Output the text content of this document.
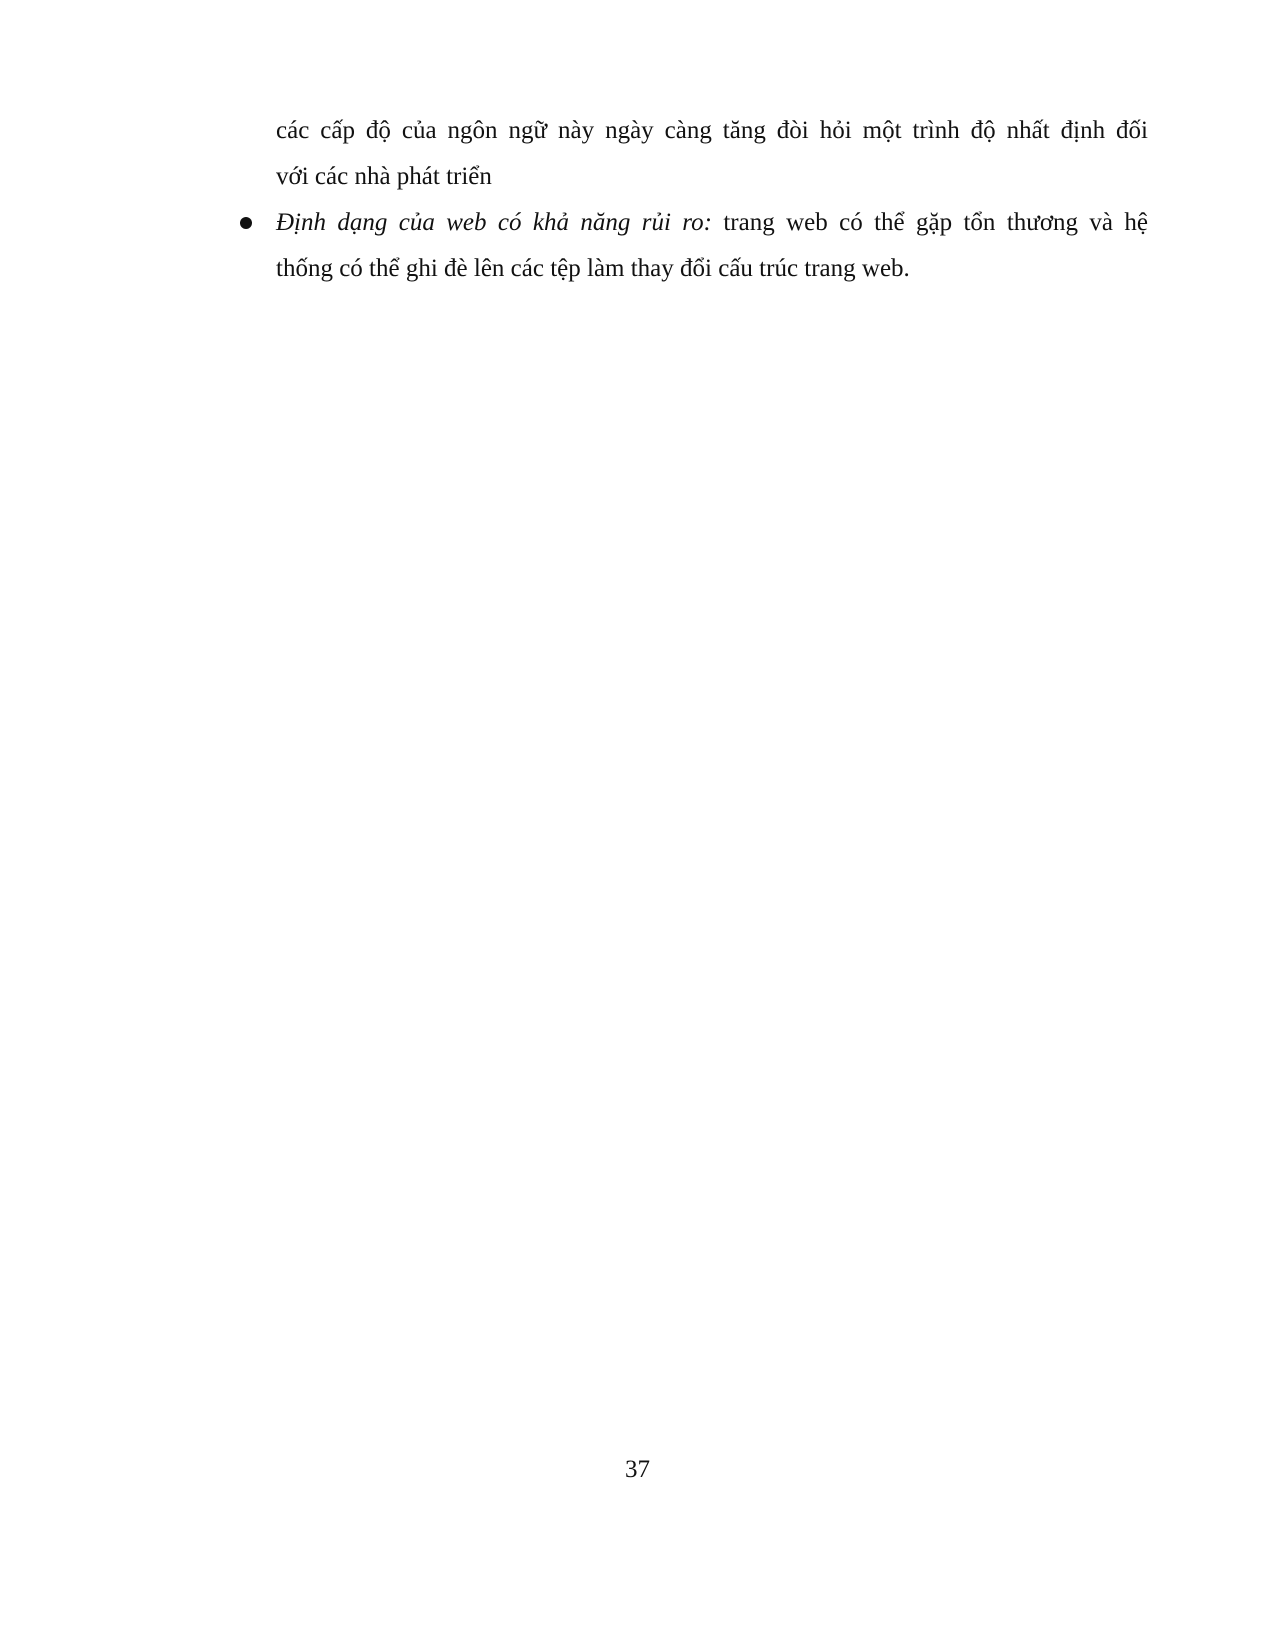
các cấp độ của ngôn ngữ này ngày càng tăng đòi hỏi một trình độ nhất định đối
với các nhà phát triển
Định dạng của web có khả năng rủi ro: trang web có thể gặp tổn thương và hệ
thống có thể ghi đè lên các tệp làm thay đổi cấu trúc trang web.
37
